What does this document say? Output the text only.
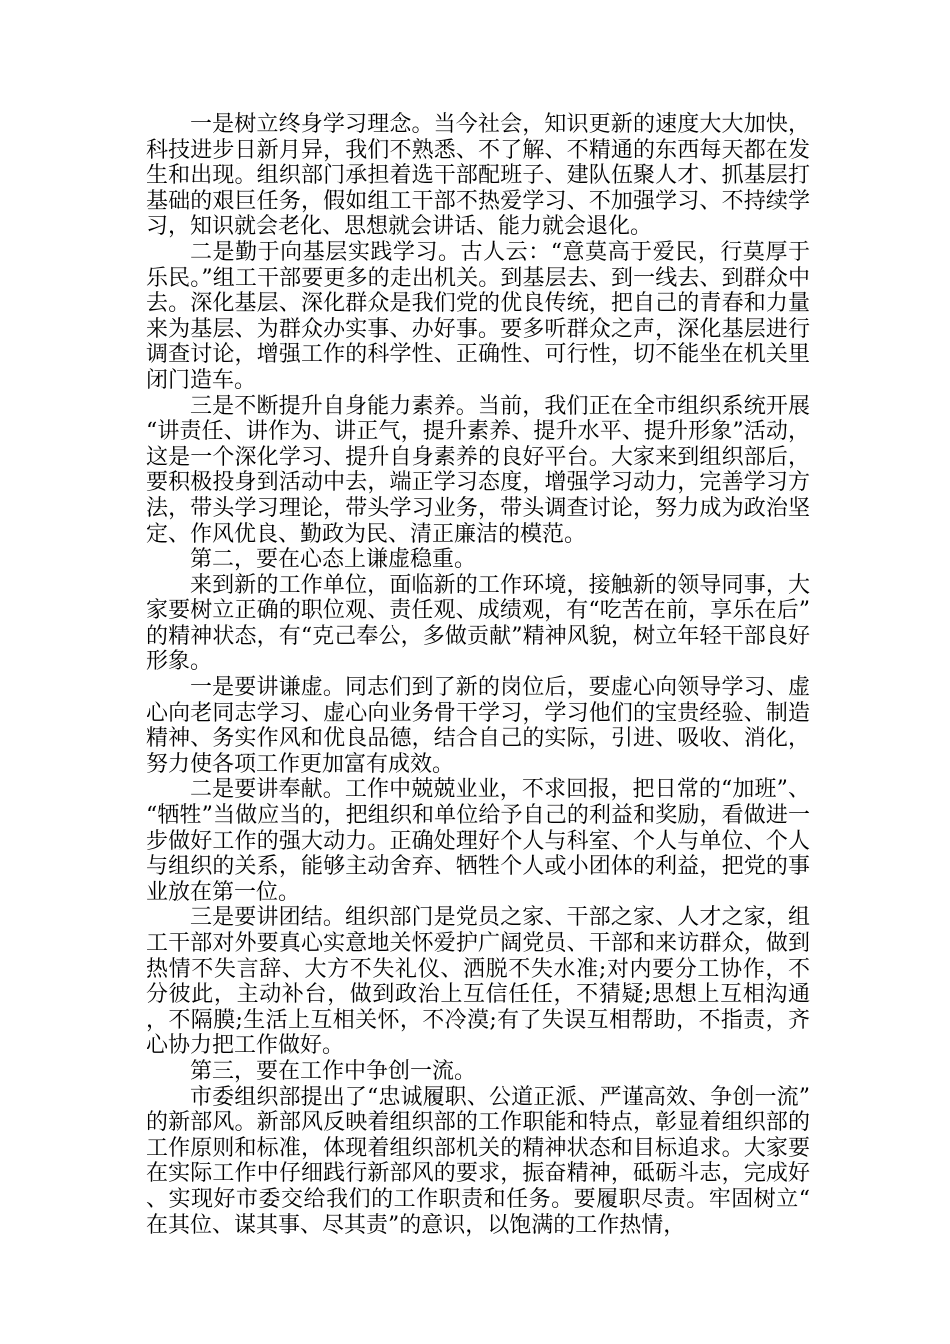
一是树立终身学习理念。当今社会，知识更新的速度大大加快，科技进步日新月异，我们不熟悉、不了解、不精通的东西每天都在发生和出现。组织部门承担着选干部配班子、建队伍聚人才、抓基层打基础的艰巨任务，假如组工干部不热爱学习、不加强学习、不持续学习，知识就会老化、思想就会讲话、能力就会退化。

二是勤于向基层实践学习。古人云：“意莫高于爱民，行莫厚于乐民。”组工干部要更多的走出机关。到基层去、到一线去、到群众中去。深化基层、深化群众是我们党的优良传统，把自己的青春和力量来为基层、为群众办实事、办好事。要多听群众之声，深化基层进行调查讨论，增强工作的科学性、正确性、可行性，切不能坐在机关里闭门造车。

三是不断提升自身能力素养。当前，我们正在全市组织系统开展“讲责任、讲作为、讲正气，提升素养、提升水平、提升形象”活动，这是一个深化学习、提升自身素养的良好平台。大家来到组织部后，要积极投身到活动中去，端正学习态度，增强学习动力，完善学习方法，带头学习理论，带头学习业务，带头调查讨论，努力成为政治坚定、作风优良、勤政为民、清正廉洁的模范。

第二，要在心态上谦虚稳重。

来到新的工作单位，面临新的工作环境，接触新的领导同事，大家要树立正确的职位观、责任观、成绩观，有“吃苦在前，享乐在后”的精神状态，有“克己奉公，多做贡献”精神风貌，树立年轻干部良好形象。

一是要讲谦虚。同志们到了新的岗位后，要虚心向领导学习、虚心向老同志学习、虚心向业务骨干学习，学习他们的宝贵经验、制造精神、务实作风和优良品德，结合自己的实际，引进、吸收、消化，努力使各项工作更加富有成效。

二是要讲奉献。工作中兢兢业业，不求回报，把日常的“加班”、“牺牲”当做应当的，把组织和单位给予自己的利益和奖励，看做进一步做好工作的强大动力。正确处理好个人与科室、个人与单位、个人与组织的关系，能够主动舍弃、牺牲个人或小团体的利益，把党的事业放在第一位。

三是要讲团结。组织部门是党员之家、干部之家、人才之家，组工干部对外要真心实意地关怀爱护广阔党员、干部和来访群众，做到热情不失言辞、大方不失礼仪、洒脱不失水准;对内要分工协作，不分彼此，主动补台，做到政治上互信任任，不猜疑;思想上互相沟通，不隔膜;生活上互相关怀，不冷漠;有了失误互相帮助，不指责，齐心协力把工作做好。

第三，要在工作中争创一流。

市委组织部提出了“忠诚履职、公道正派、严谨高效、争创一流”的新部风。新部风反映着组织部的工作职能和特点，彰显着组织部的工作原则和标准，体现着组织部机关的精神状态和目标追求。大家要在实际工作中仔细践行新部风的要求，振奋精神，砥砺斗志，完成好、实现好市委交给我们的工作职责和任务。要履职尽责。牢固树立“在其位、谋其事、尽其责”的意识，以饱满的工作热情，
